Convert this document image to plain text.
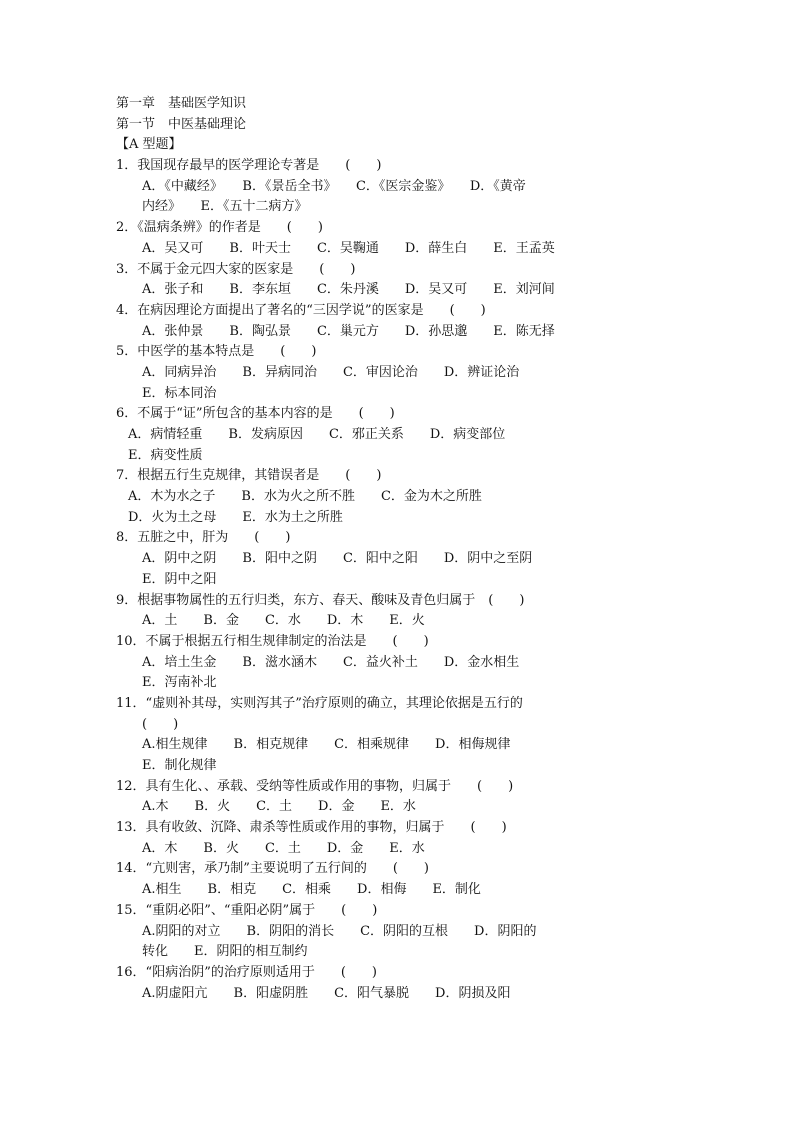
第一章　基础医学知识
第一节　中医基础理论
【A 型题】
1．我国现存最早的医学理论专著是　　(　　)
A．《中藏经》　　B．《景岳全书》　　C．《医宗金鉴》　　D．《黄帝
内经》　　E．《五十二病方》
2．《温病条辨》的作者是　　(　　)
A．吴又可　　B．叶天士　　C．吴鞠通　　D．薛生白　　E．王孟英
3．不属于金元四大家的医家是　　(　　)
A．张子和　　B．李东垣　　C．朱丹溪　　D．吴又可　　E．刘河间
4．在病因理论方面提出了著名的“三因学说”的医家是　　(　　)
A．张仲景　　B．陶弘景　　C．巢元方　　D．孙思邈　　E．陈无择
5．中医学的基本特点是　　(　　)
A．同病异治　　B．异病同治　　C．审因论治　　D．辨证论治
E．标本同治
6．不属于“证”所包含的基本内容的是　　(　　)
A．病情轻重　　B．发病原因　　C．邪正关系　　D．病变部位
E．病变性质
7．根据五行生克规律，其错误者是　　(　　)
A．木为水之子　　B．水为火之所不胜　　C．金为木之所胜
D．火为土之母　　E．水为土之所胜
8．五脏之中，肝为　　(　　)
A．阴中之阴　　B．阳中之阴　　C．阳中之阳　　D．阴中之至阴
E．阴中之阳
9．根据事物属性的五行归类，东方、春天、酸味及青色归属于　(　　)
A．土　　B．金　　C．水　　D．木　　E．火
10．不属于根据五行相生规律制定的治法是　　(　　)
A．培土生金　　B．滋水涵木　　C．益火补土　　D．金水相生
E．泻南补北
11．“虚则补其母，实则泻其子”治疗原则的确立，其理论依据是五行的
(　　)
A.相生规律　　B．相克规律　　C．相乘规律　　D．相侮规律
E．制化规律
12．具有生化、、承载、受纳等性质或作用的事物，归属于　　(　　)
A.木　　B．火　　C．土　　D．金　　E．水
13．具有收敛、沉降、肃杀等性质或作用的事物，归属于　　(　　)
A．木　　B．火　　C．土　　D．金　　E．水
14．“亢则害，承乃制”主要说明了五行间的　　(　　)
A.相生　　B．相克　　C．相乘　　D．相侮　　E．制化
15．“重阴必阳”、“重阳必阴”属于　　(　　)
A.阴阳的对立　　B．阴阳的消长　　C．阴阳的互根　　D．阴阳的
转化　　E．阴阳的相互制约
16．“阳病治阴”的治疗原则适用于　　(　　)
A.阴虚阳亢　　B．阳虚阴胜　　C．阳气暴脱　　D．阴损及阳
